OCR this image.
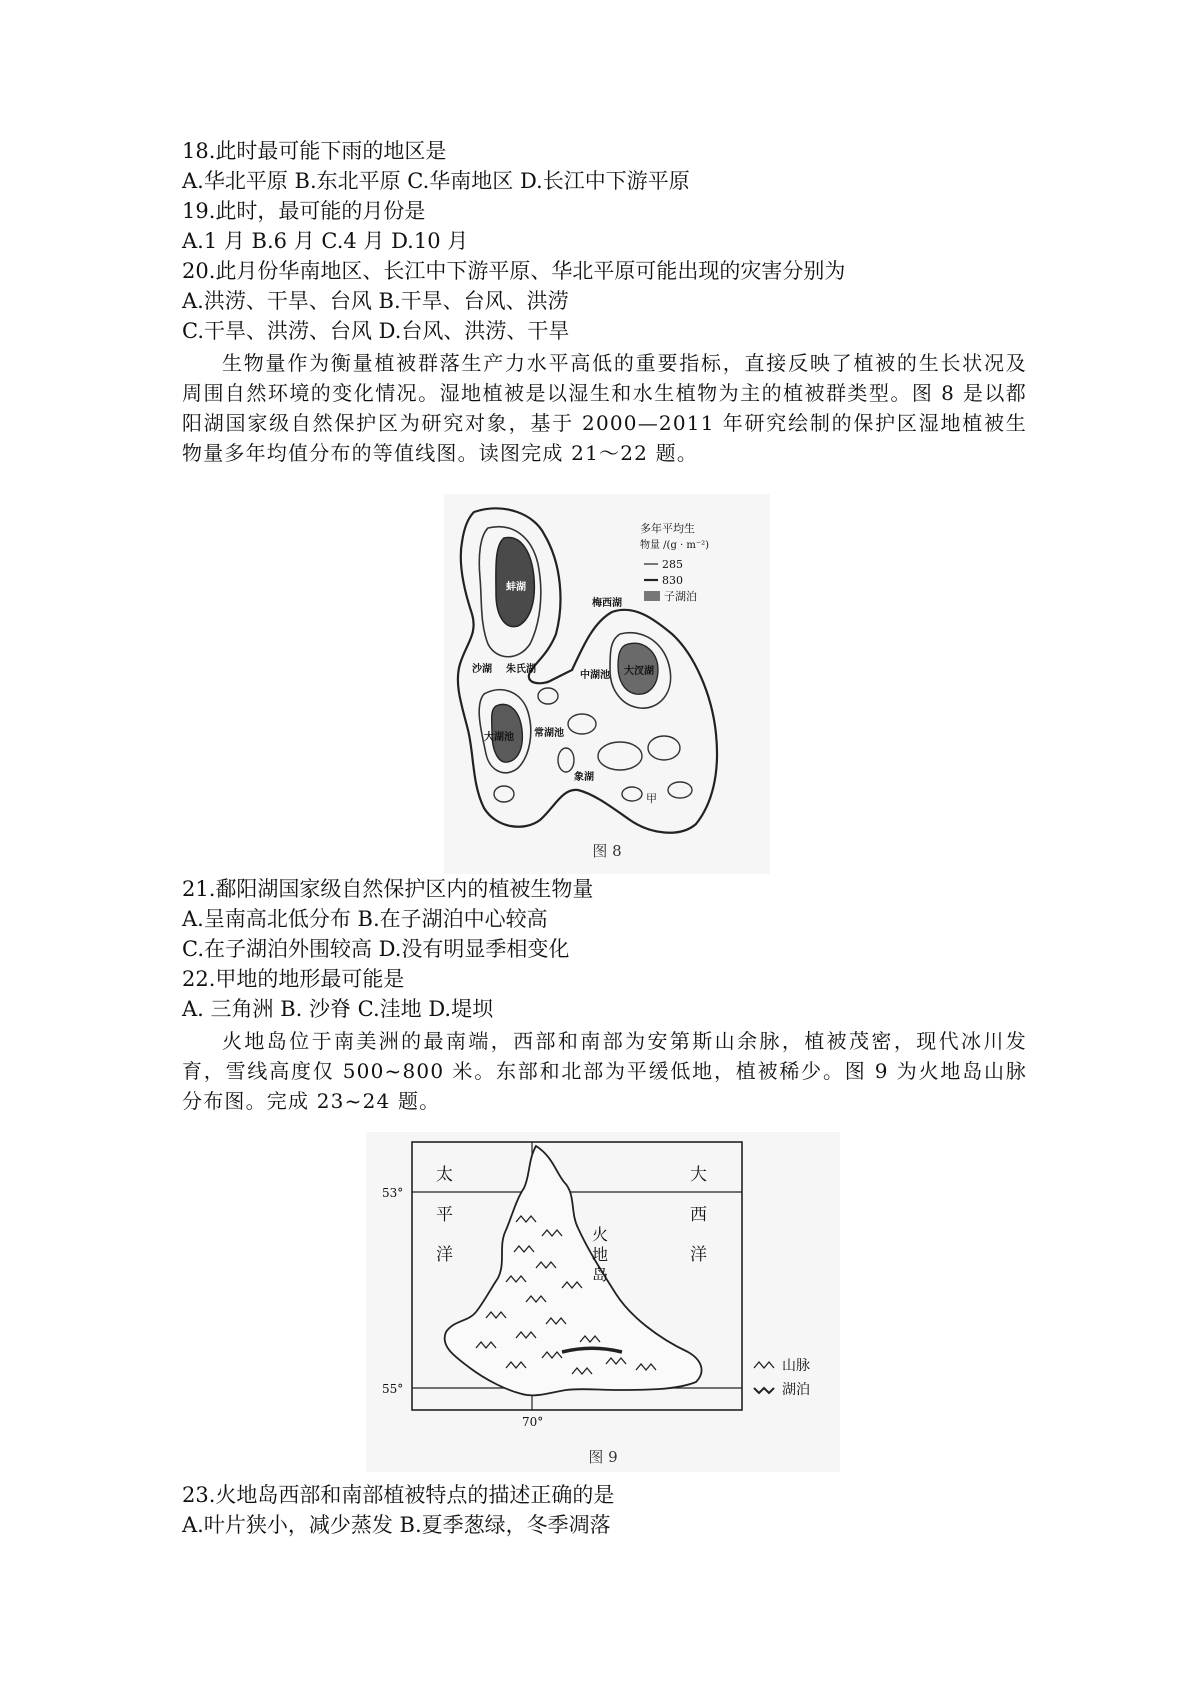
18.此时最可能下雨的地区是
A.华北平原 B.东北平原 C.华南地区 D.长江中下游平原
19.此时，最可能的月份是
A.1 月 B.6 月 C.4 月 D.10 月
20.此月份华南地区、长江中下游平原、华北平原可能出现的灾害分别为
A.洪涝、干旱、台风 B.干旱、台风、洪涝
C.干旱、洪涝、台风 D.台风、洪涝、干旱
生物量作为衡量植被群落生产力水平高低的重要指标，直接反映了植被的生长状况及周围自然环境的变化情况。湿地植被是以湿生和水生植物为主的植被群类型。图 8 是以都阳湖国家级自然保护区为研究对象，基于 2000—2011 年研究绘制的保护区湿地植被生物量多年均值分布的等值线图。读图完成 21～22 题。
蚌湖
梅西湖
沙湖 朱氏湖
中湖池 大汊湖
大湖池 常湖池
象湖
甲
多年平均生
物量 /(g · m⁻²)
285
830
子湖泊
图 8
21.鄱阳湖国家级自然保护区内的植被生物量
A.呈南高北低分布 B.在子湖泊中心较高
C.在子湖泊外围较高 D.没有明显季相变化
22.甲地的地形最可能是
A. 三角洲 B. 沙脊 C.洼地 D.堤坝
火地岛位于南美洲的最南端，西部和南部为安第斯山余脉，植被茂密，现代冰川发育，雪线高度仅 500~800 米。东部和北部为平缓低地，植被稀少。图 9 为火地岛山脉分布图。完成 23~24 题。
火
地
岛
太
平
洋
大
西
洋
53°
55°
70°
山脉
湖泊
图 9
23.火地岛西部和南部植被特点的描述正确的是
A.叶片狭小，减少蒸发 B.夏季葱绿，冬季凋落
